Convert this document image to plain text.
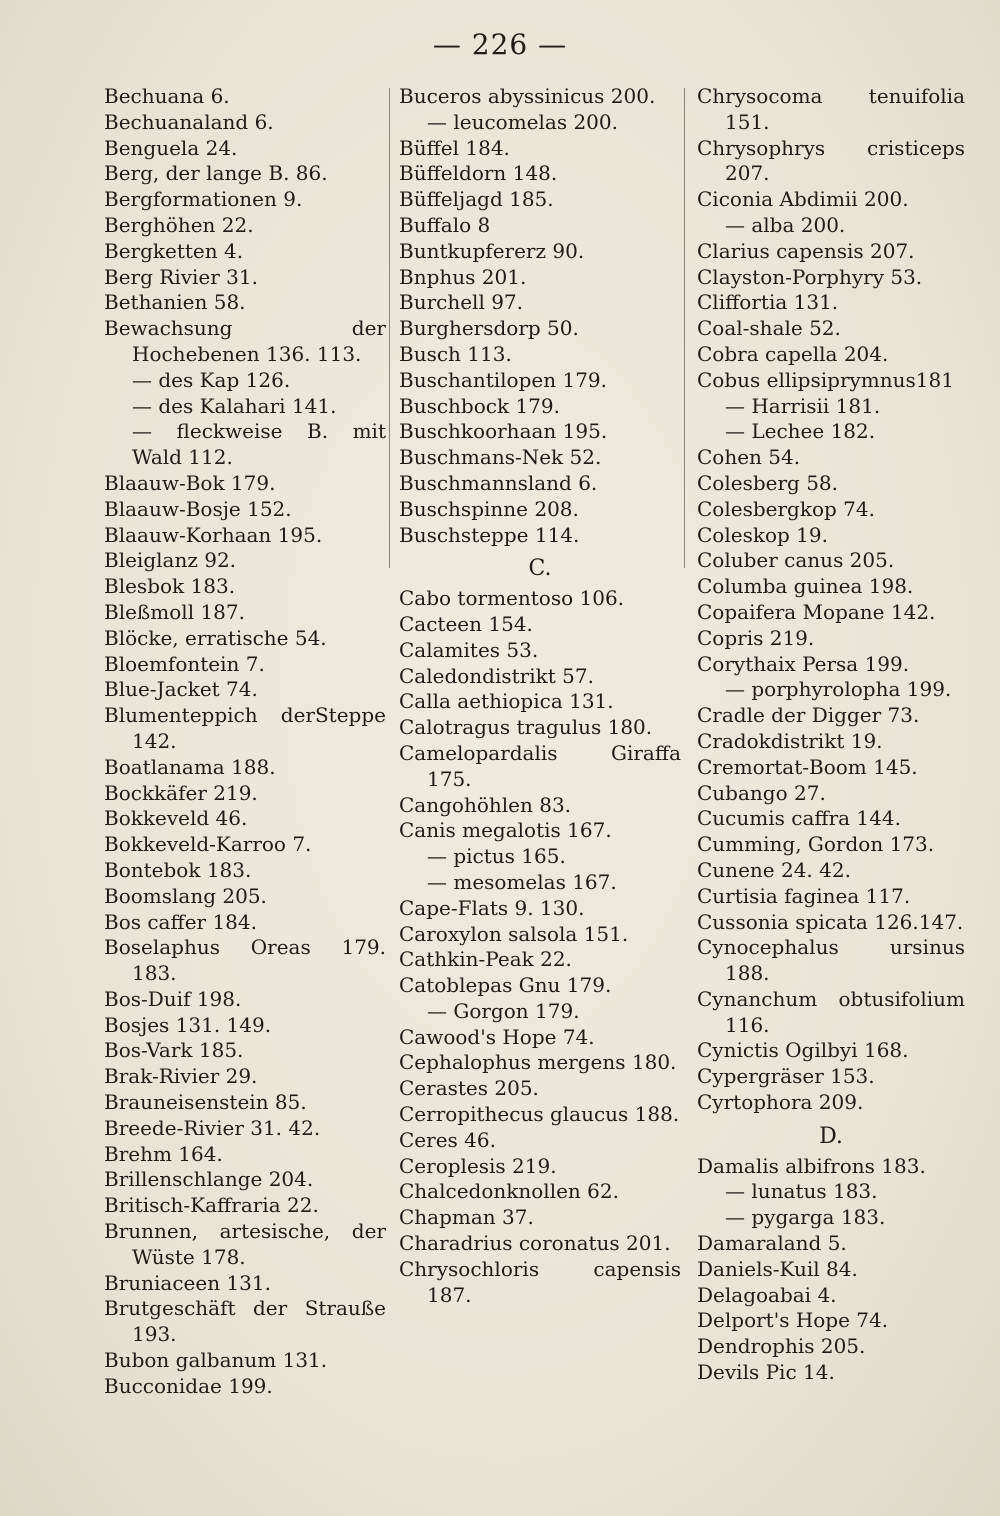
— 226 —
Bechuana 6.
Bechuanaland 6.
Benguela 24.
Berg, der lange B. 86.
Bergformationen 9.
Berghöhen 22.
Bergketten 4.
Berg Rivier 31.
Bethanien 58.
Bewachsung der Hochebenen 136. 113.
— des Kap 126.
— des Kalahari 141.
— fleckweise B. mit Wald 112.
Blaauw-Bok 179.
Blaauw-Bosje 152.
Blaauw-Korhaan 195.
Bleiglanz 92.
Blesbok 183.
Bleßmoll 187.
Blöcke, erratische 54.
Bloemfontein 7.
Blue-Jacket 74.
Blumenteppich derSteppe 142.
Boatlanama 188.
Bockkäfer 219.
Bokkeveld 46.
Bokkeveld-Karroo 7.
Bontebok 183.
Boomslang 205.
Bos caffer 184.
Boselaphus Oreas 179. 183.
Bos-Duif 198.
Bosjes 131. 149.
Bos-Vark 185.
Brak-Rivier 29.
Brauneisenstein 85.
Breede-Rivier 31. 42.
Brehm 164.
Brillenschlange 204.
Britisch-Kaffraria 22.
Brunnen, artesische, der Wüste 178.
Bruniaceen 131.
Brutgeschäft der Strauße 193.
Bubon galbanum 131.
Bucconidae 199.
Buceros abyssinicus 200.
— leucomelas 200.
Büffel 184.
Büffeldorn 148.
Büffeljagd 185.
Buffalo 8
Buntkupfererz 90.
Bnphus 201.
Burchell 97.
Burghersdorp 50.
Busch 113.
Buschantilopen 179.
Buschbock 179.
Buschkoorhaan 195.
Buschmans-Nek 52.
Buschmannsland 6.
Buschspinne 208.
Buschsteppe 114.
C.
Cabo tormentoso 106.
Cacteen 154.
Calamites 53.
Caledondistrikt 57.
Calla aethiopica 131.
Calotragus tragulus 180.
Camelopardalis Giraffa 175.
Cangohöhlen 83.
Canis megalotis 167.
— pictus 165.
— mesomelas 167.
Cape-Flats 9. 130.
Caroxylon salsola 151.
Cathkin-Peak 22.
Catoblepas Gnu 179.
— Gorgon 179.
Cawood's Hope 74.
Cephalophus mergens 180.
Cerastes 205.
Cerropithecus glaucus 188.
Ceres 46.
Ceroplesis 219.
Chalcedonknollen 62.
Chapman 37.
Charadrius coronatus 201.
Chrysochloris capensis 187.
Chrysocoma tenuifolia 151.
Chrysophrys cristiceps 207.
Ciconia Abdimii 200.
— alba 200.
Clarius capensis 207.
Clayston-Porphyry 53.
Cliffortia 131.
Coal-shale 52.
Cobra capella 204.
Cobus ellipsiprymnus181
— Harrisii 181.
— Lechee 182.
Cohen 54.
Colesberg 58.
Colesbergkop 74.
Coleskop 19.
Coluber canus 205.
Columba guinea 198.
Copaifera Mopane 142.
Copris 219.
Corythaix Persa 199.
— porphyrolopha 199.
Cradle der Digger 73.
Cradokdistrikt 19.
Cremortat-Boom 145.
Cubango 27.
Cucumis caffra 144.
Cumming, Gordon 173.
Cunene 24. 42.
Curtisia faginea 117.
Cussonia spicata 126.147.
Cynocephalus ursinus 188.
Cynanchum obtusifolium 116.
Cynictis Ogilbyi 168.
Cypergräser 153.
Cyrtophora 209.
D.
Damalis albifrons 183.
— lunatus 183.
— pygarga 183.
Damaraland 5.
Daniels-Kuil 84.
Delagoabai 4.
Delport's Hope 74.
Dendrophis 205.
Devils Pic 14.
